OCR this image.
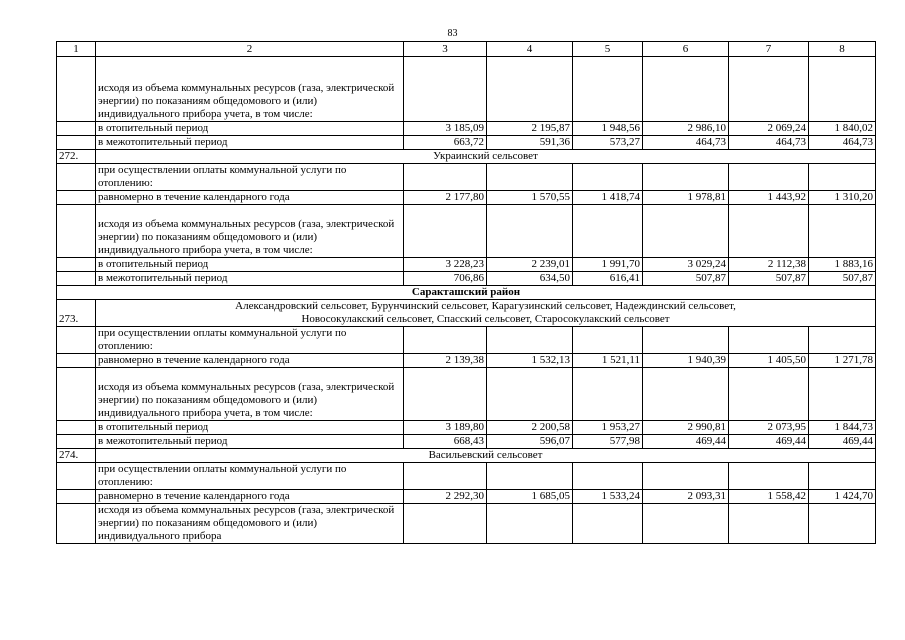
83
1	2	3	4	5	6	7	8
	исходя из объема коммунальных ресурсов (газа, электрической энергии) по показаниям общедомового и (или) индивидуального прибора учета, в том числе:						
	в отопительный период	3 185,09	2 195,87	1 948,56	2 986,10	2 069,24	1 840,02
	в межотопительный период	663,72	591,36	573,27	464,73	464,73	464,73
272.	Украинский сельсовет						
	при осуществлении оплаты коммунальной услуги по отоплению:						
	равномерно в течение календарного года	2 177,80	1 570,55	1 418,74	1 978,81	1 443,92	1 310,20
	исходя из объема коммунальных ресурсов (газа, электрической энергии) по показаниям общедомового и (или) индивидуального прибора учета, в том числе:						
	в отопительный период	3 228,23	2 239,01	1 991,70	3 029,24	2 112,38	1 883,16
	в межотопительный период	706,86	634,50	616,41	507,87	507,87	507,87
Саракташский район							
273.	Александровский сельсовет, Бурунчинский сельсовет, Карагузинский сельсовет, Надеждинский сельсовет,
Новосокулакский сельсовет, Спасский сельсовет, Старосокулакский сельсовет						

	при осуществлении оплаты коммунальной услуги по отоплению:						
	равномерно в течение календарного года	2 139,38	1 532,13	1 521,11	1 940,39	1 405,50	1 271,78
	исходя из объема коммунальных ресурсов (газа, электрической энергии) по показаниям общедомового и (или) индивидуального прибора учета, в том числе:						
	в отопительный период	3 189,80	2 200,58	1 953,27	2 990,81	2 073,95	1 844,73
	в межотопительный период	668,43	596,07	577,98	469,44	469,44	469,44
274.	Васильевский сельсовет						
	при осуществлении оплаты коммунальной услуги по отоплению:						
	равномерно в течение календарного года	2 292,30	1 685,05	1 533,24	2 093,31	1 558,42	1 424,70
	исходя из объема коммунальных ресурсов (газа, электрической энергии) по показаниям общедомового и (или) индивидуального прибора						
